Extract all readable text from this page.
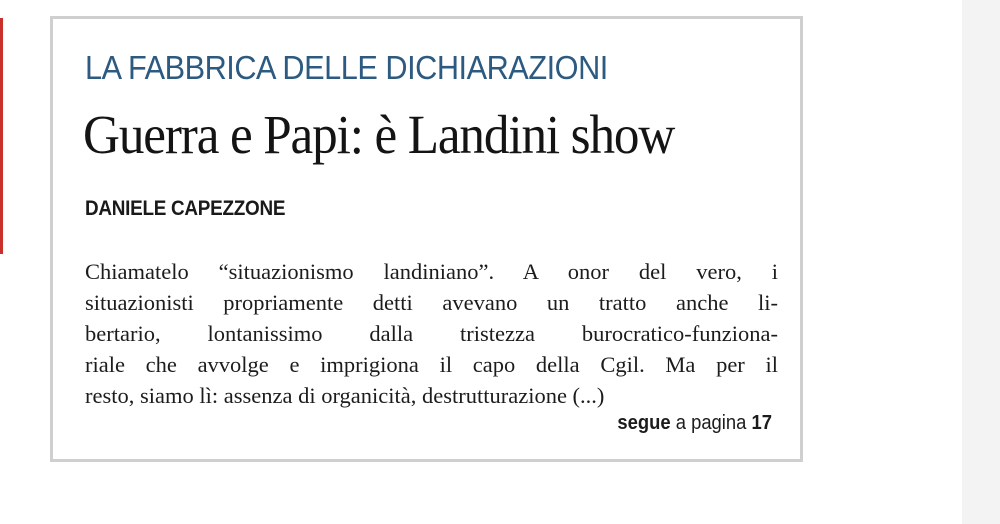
LA FABBRICA DELLE DICHIARAZIONI
Guerra e Papi: è Landini show
DANIELE CAPEZZONE
Chiamatelo “situazionismo landiniano”. A onor del vero, i
situazionisti propriamente detti avevano un tratto anche li-
bertario, lontanissimo dalla tristezza burocratico-funziona-
riale che avvolge e imprigiona il capo della Cgil. Ma per il
resto, siamo lì: assenza di organicità, destrutturazione (...)
segue a pagina 17
